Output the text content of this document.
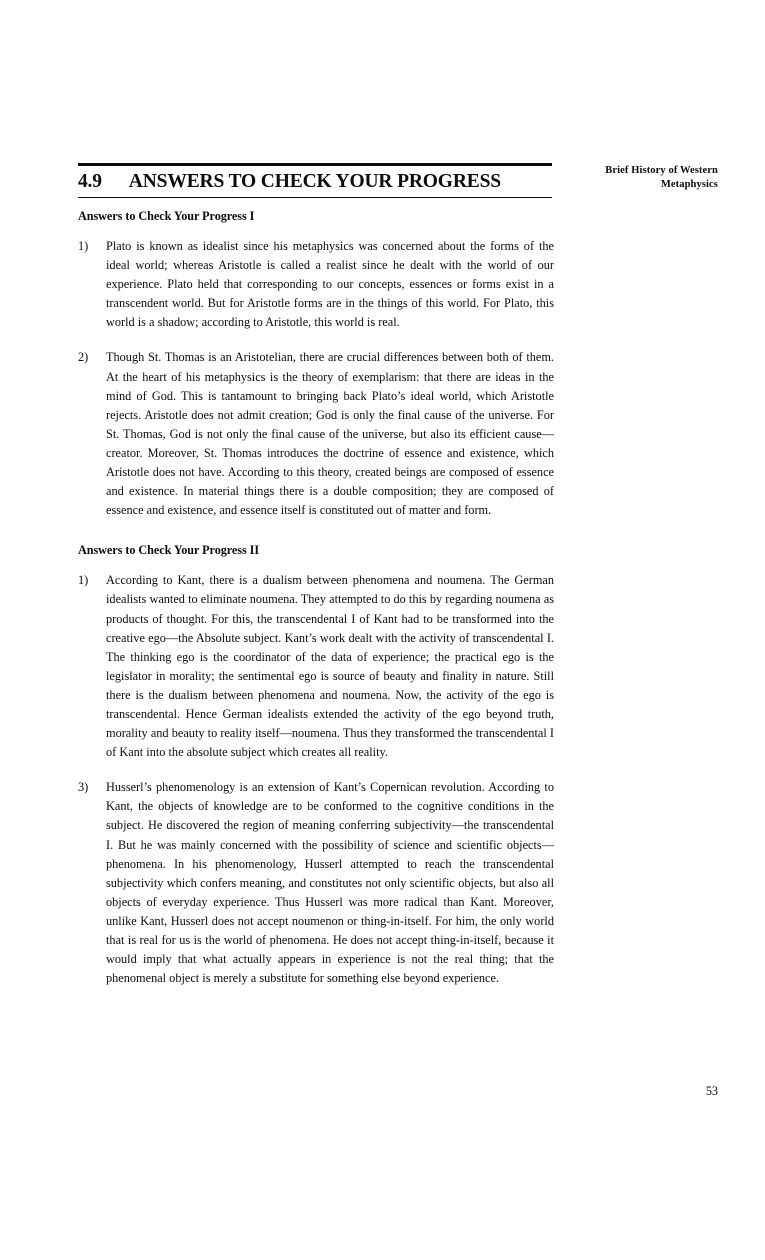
Brief History of Western
Metaphysics
4.9 ANSWERS TO CHECK YOUR PROGRESS
Answers to Check Your Progress I
1)	Plato is known as idealist since his metaphysics was concerned about the forms of the ideal world; whereas Aristotle is called a realist since he dealt with the world of our experience. Plato held that corresponding to our concepts, essences or forms exist in a transcendent world. But for Aristotle forms are in the things of this world. For Plato, this world is a shadow; according to Aristotle, this world is real.
2)	Though St. Thomas is an Aristotelian, there are crucial differences between both of them. At the heart of his metaphysics is the theory of exemplarism: that there are ideas in the mind of God. This is tantamount to bringing back Plato’s ideal world, which Aristotle rejects. Aristotle does not admit creation; God is only the final cause of the universe. For St. Thomas, God is not only the final cause of the universe, but also its efficient cause—creator. Moreover, St. Thomas introduces the doctrine of essence and existence, which Aristotle does not have. According to this theory, created beings are composed of essence and existence. In material things there is a double composition; they are composed of essence and existence, and essence itself is constituted out of matter and form.
Answers to Check Your Progress II
1)	According to Kant, there is a dualism between phenomena and noumena. The German idealists wanted to eliminate noumena. They attempted to do this by regarding noumena as products of thought. For this, the transcendental I of Kant had to be transformed into the creative ego—the Absolute subject. Kant’s work dealt with the activity of transcendental I. The thinking ego is the coordinator of the data of experience; the practical ego is the legislator in morality; the sentimental ego is source of beauty and finality in nature. Still there is the dualism between phenomena and noumena. Now, the activity of the ego is transcendental. Hence German idealists extended the activity of the ego beyond truth, morality and beauty to reality itself—noumena. Thus they transformed the transcendental I of Kant into the absolute subject which creates all reality.
3)	Husserl’s phenomenology is an extension of Kant’s Copernican revolution. According to Kant, the objects of knowledge are to be conformed to the cognitive conditions in the subject. He discovered the region of meaning conferring subjectivity—the transcendental I. But he was mainly concerned with the possibility of science and scientific objects— phenomena. In his phenomenology, Husserl attempted to reach the transcendental subjectivity which confers meaning, and constitutes not only scientific objects, but also all objects of everyday experience. Thus Husserl was more radical than Kant. Moreover, unlike Kant, Husserl does not accept noumenon or thing-in-itself. For him, the only world that is real for us is the world of phenomena. He does not accept thing-in-itself, because it would imply that what actually appears in experience is not the real thing; that the phenomenal object is merely a substitute for something else beyond experience.
53
